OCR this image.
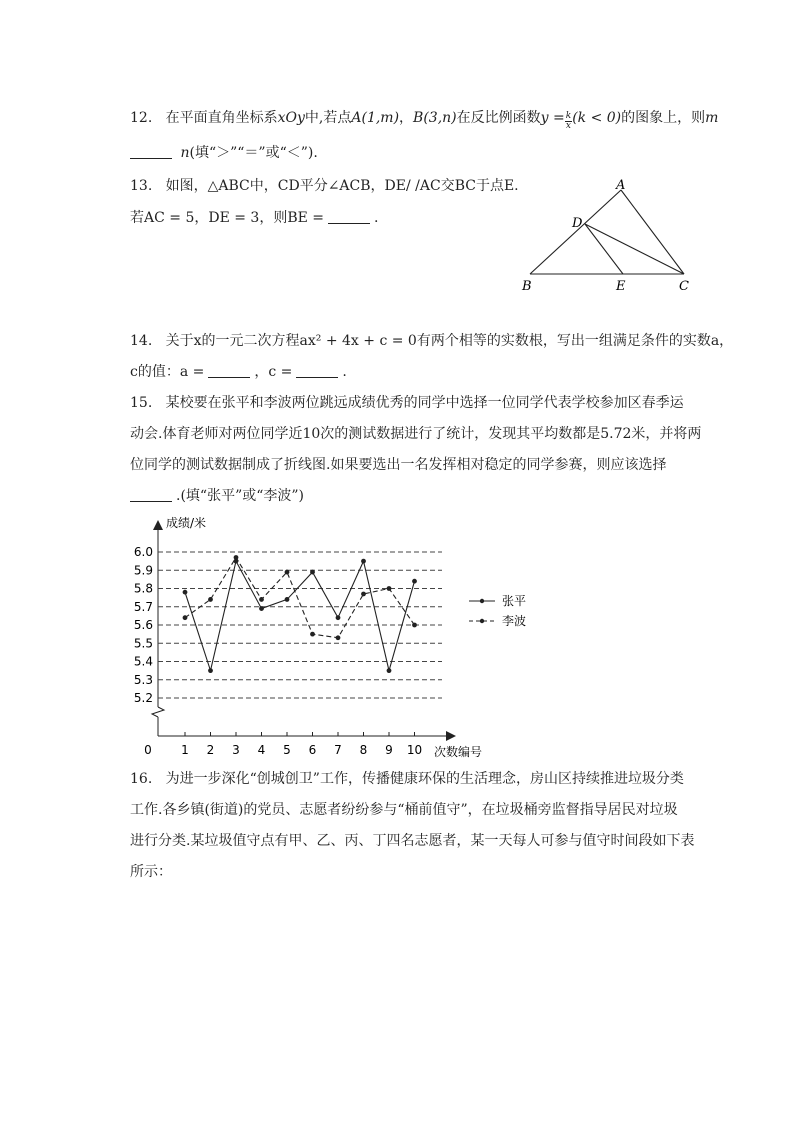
12. 在平面直角坐标系xOy中,若点A(1,m)，B(3,n)在反比例函数$y = \frac{k}{x} (k < 0)$的图象上，则m
n(填“＞”“＝”或“＜”).
13. 如图，△ABC中，CD平分∠ACB，DE/ /AC交BC于点E.
若AC = 5，DE = 3，则BE =	.
A
B	C
D
E
14. 关于x的一元二次方程ax² + 4x + c = 0有两个相等的实数根，写出一组满足条件的实数a，
c的值：a =	，c =	.
15. 某校要在张平和李波两位跳远成绩优秀的同学中选择一位同学代表学校参加区春季运
动会.体育老师对两位同学近10次的测试数据进行了统计，发现其平均数都是5.72米，并将两
位同学的测试数据制成了折线图.如果要选出一名发挥相对稳定的同学参赛，则应该选择
.(填“张平”或“李波”)
5.2
5.3
5.4
5.5
5.6
5.7
5.8
5.9
6.0
1 2 3 4 5 6 7 8 9 10
0
成绩/米
次数编号
张平
李波
16. 为进一步深化“创城创卫”工作，传播健康环保的生活理念，房山区持续推进垃圾分类
工作.各乡镇(街道)的党员、志愿者纷纷参与“桶前值守”，在垃圾桶旁监督指导居民对垃圾
进行分类.某垃圾值守点有甲、乙、丙、丁四名志愿者，某一天每人可参与值守时间段如下表
所示：
